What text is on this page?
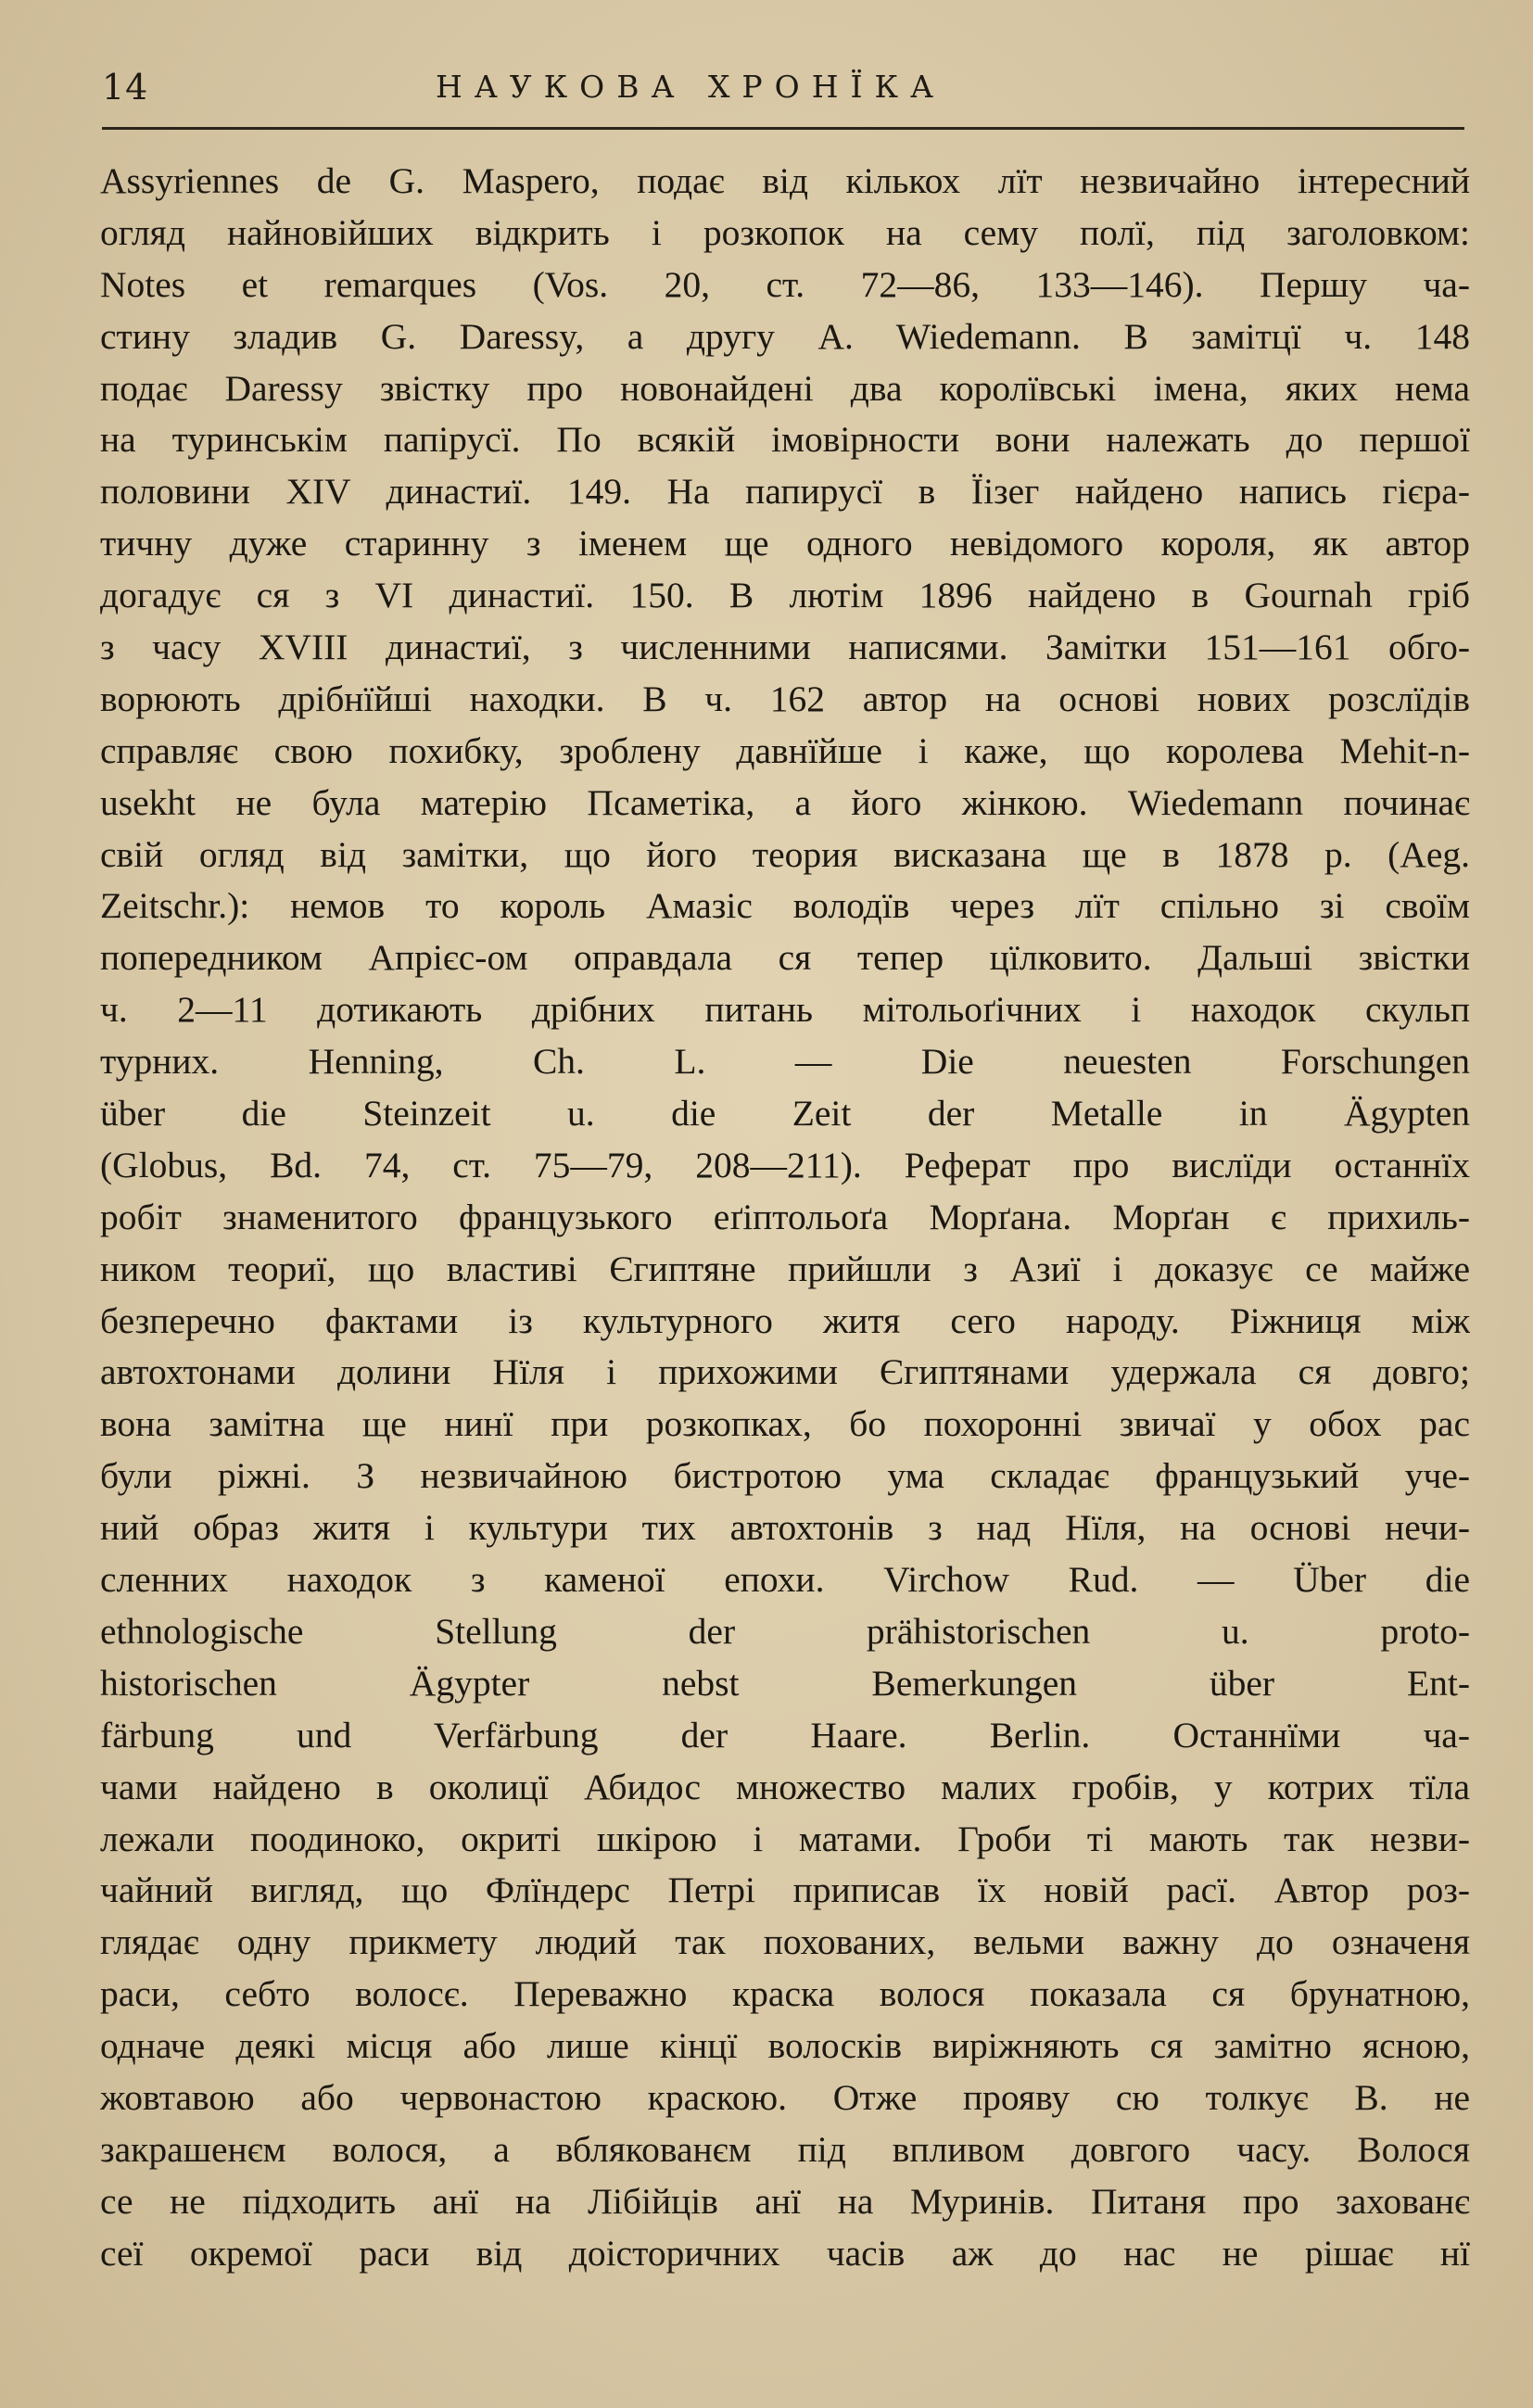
14	НАУКОВА ХРОНЇКА
Assyriennes de G. Maspero, подає від кількох лїт незвичайно інтересний
огляд найновійших відкрить і розкопок на сему полї, під заголовком:
Notes et remarques (Vos. 20, ст. 72—86, 133—146). Першу ча-
стину зладив G. Daressy, а другу A. Wiedemann. В замітцї ч. 148
подає Daressy звістку про новонайдені два королївські імена, яких нема
на туринськім папірусї. По всякій імовірности вони належать до першої
половини XIV династиї. 149. На папирусї в Їізег найдено напись гієра-
тичну дуже старинну з іменем ще одного невідомого короля, як автор
догадує ся з VI династиї. 150. В лютім 1896 найдено в Gournah гріб
з часу XVIII династиї, з численними написями. Замітки 151—161 обго-
ворюють дрібнїйші находки. В ч. 162 автор на основі нових розслїдів
справляє свою похибку, зроблену давнїйше і каже, що королева Mehit-n-
usekht не була матерію Псаметіка, а його жінкою. Wiedemann починає
свій огляд від замітки, що його теория висказана ще в 1878 р. (Aeg.
Zeitschr.): немов то король Амазіс володїв через лїт спільно зі своїм
попередником Апрієс-ом оправдала ся тепер цїлковито. Дальші звістки
ч. 2—11 дотикають дрібних питань мітольоґічних і находок скульп
турних. Henning, Ch. L. — Die neuesten Forschungen
über die Steinzeit u. die Zeit der Metalle in Ägypten
(Globus, Bd. 74, ст. 75—79, 208—211). Реферат про вислїди останнїх
робіт знаменитого французького еґіптольоґа Морґана. Морґан є прихиль-
ником теориї, що властиві Єгиптяне прийшли з Азиї і доказує се майже
безперечно фактами із культурного житя сего народу. Ріжниця між
автохтонами долини Нїля і прихожими Єгиптянами удержала ся довго;
вона замітна ще нинї при розкопках, бо похоронні звичаї у обох рас
були ріжні. З незвичайною бистротою ума складає французький уче-
ний образ житя і культури тих автохтонів з над Нїля, на основі нечи-
сленних находок з каменої епохи. Virchow Rud. — Über die
ethnologische Stellung der prähistorischen u. proto-
historischen Ägypter nebst Bemerkungen über Ent-
färbung und Verfärbung der Haare. Berlin. Останнїми ча-
чами найдено в околицї Абидос множество малих гробів, у котрих тїла
лежали поодиноко, окриті шкірою і матами. Гроби ті мають так незви-
чайний вигляд, що Флїндерс Петрі приписав їх новій расї. Автор роз-
глядає одну прикмету людий так похованих, вельми важну до означеня
раси, себто волосє. Переважно краска волося показала ся брунатною,
одначе деякі місця або лише кінцї волосків виріжняють ся замітно ясною,
жовтавою або червонастою краскою. Отже прояву сю толкує В. не
закрашенєм волося, а вблякованєм під впливом довгого часу. Волося
се не підходить анї на Лібійців анї на Муринів. Питаня про захованє
сеї окремої раси від доісторичних часів аж до нас не рішає нї
